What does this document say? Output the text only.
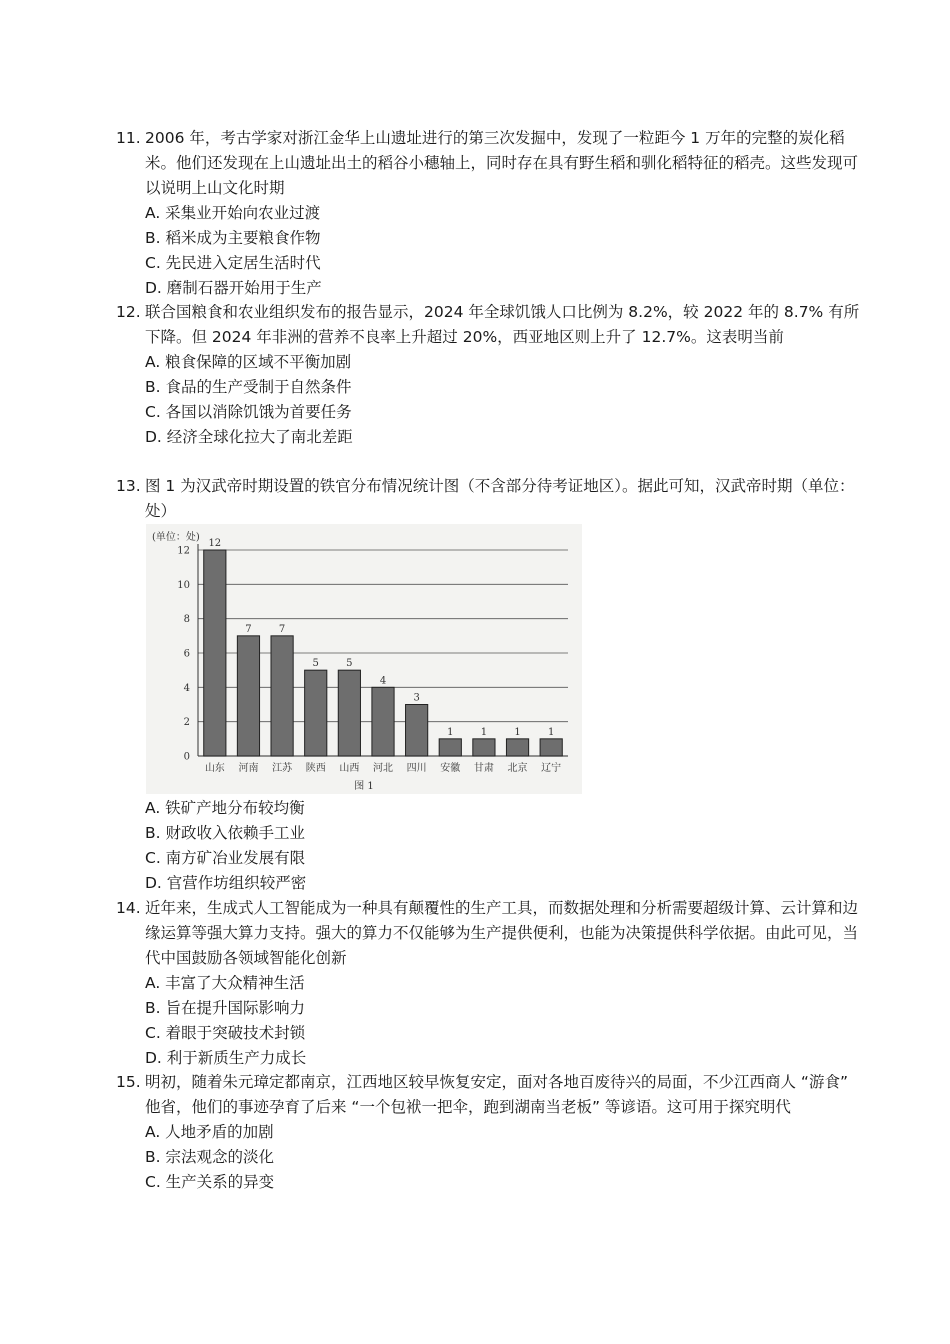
11. 2006 年，考古学家对浙江金华上山遗址进行的第三次发掘中，发现了一粒距今 1 万年的完整的炭化稻米。他们还发现在上山遗址出土的稻谷小穗轴上，同时存在具有野生稻和驯化稻特征的稻壳。这些发现可以说明上山文化时期
A. 采集业开始向农业过渡
B. 稻米成为主要粮食作物
C. 先民进入定居生活时代
D. 磨制石器开始用于生产
12. 联合国粮食和农业组织发布的报告显示，2024 年全球饥饿人口比例为 8.2%，较 2022 年的 8.7% 有所下降。但 2024 年非洲的营养不良率上升超过 20%，西亚地区则上升了 12.7%。这表明当前
A. 粮食保障的区域不平衡加剧
B. 食品的生产受制于自然条件
C. 各国以消除饥饿为首要任务
D. 经济全球化拉大了南北差距
13. 图 1 为汉武帝时期设置的铁官分布情况统计图（不含部分待考证地区）。据此可知，汉武帝时期（单位：处）
(单位：处)
0
2
4
6
8
10
12
12
山东
7
河南
7
江苏
5
陕西
5
山西
4
河北
3
四川
1
安徽
1
甘肃
1
北京
1
辽宁
图 1
A. 铁矿产地分布较均衡
B. 财政收入依赖手工业
C. 南方矿冶业发展有限
D. 官营作坊组织较严密
14. 近年来，生成式人工智能成为一种具有颠覆性的生产工具，而数据处理和分析需要超级计算、云计算和边缘运算等强大算力支持。强大的算力不仅能够为生产提供便利，也能为决策提供科学依据。由此可见，当代中国鼓励各领域智能化创新
A. 丰富了大众精神生活
B. 旨在提升国际影响力
C. 着眼于突破技术封锁
D. 利于新质生产力成长
15. 明初，随着朱元璋定都南京，江西地区较早恢复安定，面对各地百废待兴的局面，不少江西商人 “游食” 他省，他们的事迹孕育了后来 “一个包袱一把伞，跑到湖南当老板” 等谚语。这可用于探究明代
A. 人地矛盾的加剧
B. 宗法观念的淡化
C. 生产关系的异变
